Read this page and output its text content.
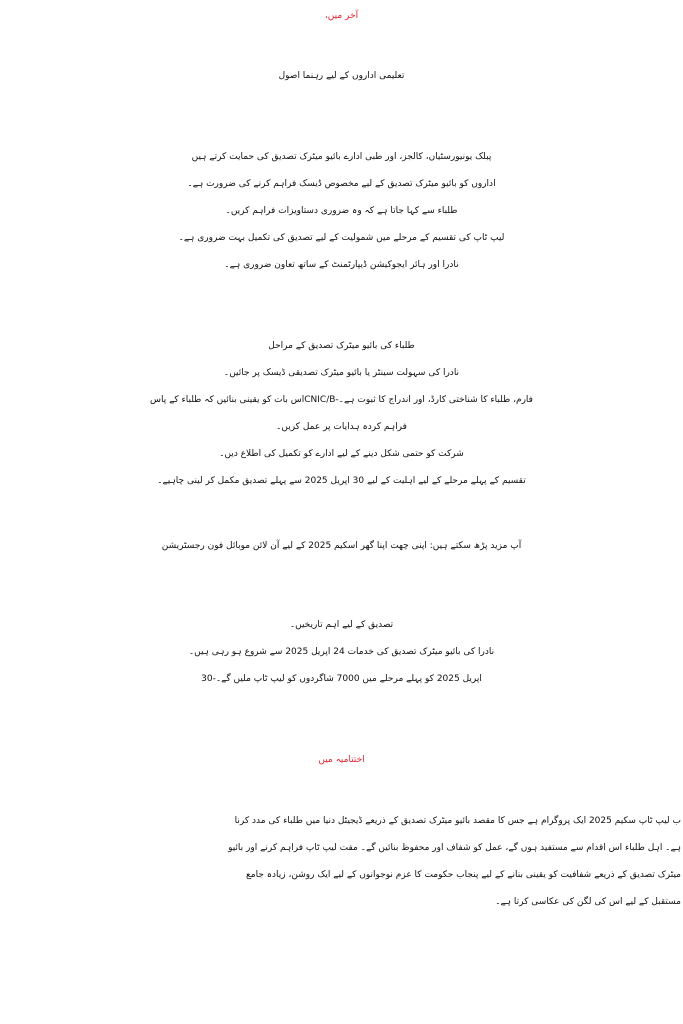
آخر میں،
تعلیمی اداروں کے لیے رہنما اصول
پبلک یونیورسٹیاں، کالجز، اور طبی ادارے بائیو میٹرک تصدیق کی حمایت کرتے ہیں
اداروں کو بائیو میٹرک تصدیق کے لیے مخصوص ڈیسک فراہم کرنے کی ضرورت ہے۔
طلباء سے کہا جاتا ہے کہ وہ ضروری دستاویزات فراہم کریں۔
لیپ ٹاپ کی تقسیم کے مرحلے میں شمولیت کے لیے تصدیق کی تکمیل بہت ضروری ہے۔
نادرا اور ہائر ایجوکیشن ڈیپارٹمنٹ کے ساتھ تعاون ضروری ہے۔
طلباء کی بائیو میٹرک تصدیق کے مراحل
نادرا کی سہولت سینٹر یا بائیو میٹرک تصدیقی ڈیسک پر جائیں۔
فارم، طلباء کا شناختی کارڈ، اور اندراج کا ثبوت ہے۔-CNIC/Bاس بات کو یقینی بنائیں کہ طلباء کے پاس
فراہم کردہ ہدایات پر عمل کریں۔
شرکت کو حتمی شکل دینے کے لیے ادارے کو تکمیل کی اطلاع دیں۔
تقسیم کے پہلے مرحلے کے لیے اہلیت کے لیے 30 اپریل 2025 سے پہلے تصدیق مکمل کر لینی چاہیے۔
آپ مزید پڑھ سکتے ہیں: اپنی چھت اپنا گھر اسکیم 2025 کے لیے آن لائن موبائل فون رجسٹریشن
تصدیق کے لیے اہم تاریخیں۔
نادرا کی بائیو میٹرک تصدیق کی خدمات 24 اپریل 2025 سے شروع ہو رہی ہیں۔
اپریل 2025 کو پہلے مرحلے میں 7000 شاگردوں کو لیپ ٹاپ ملیں گے۔-30
اختتامیہ میں
ب لیپ ٹاپ سکیم 2025 ایک پروگرام ہے جس کا مقصد بائیو میٹرک تصدیق کے ذریعے ڈیجیٹل دنیا میں طلباء کی مدد کرنا
ہے۔ اہل طلباء اس اقدام سے مستفید ہوں گے، عمل کو شفاف اور محفوظ بنائیں گے۔ مفت لیپ ٹاپ فراہم کرنے اور بائیو
میٹرک تصدیق کے ذریعے شفافیت کو یقینی بنانے کے لیے پنجاب حکومت کا عزم نوجوانوں کے لیے ایک روشن، زیادہ جامع
مستقبل کے لیے اس کی لگن کی عکاسی کرتا ہے۔
